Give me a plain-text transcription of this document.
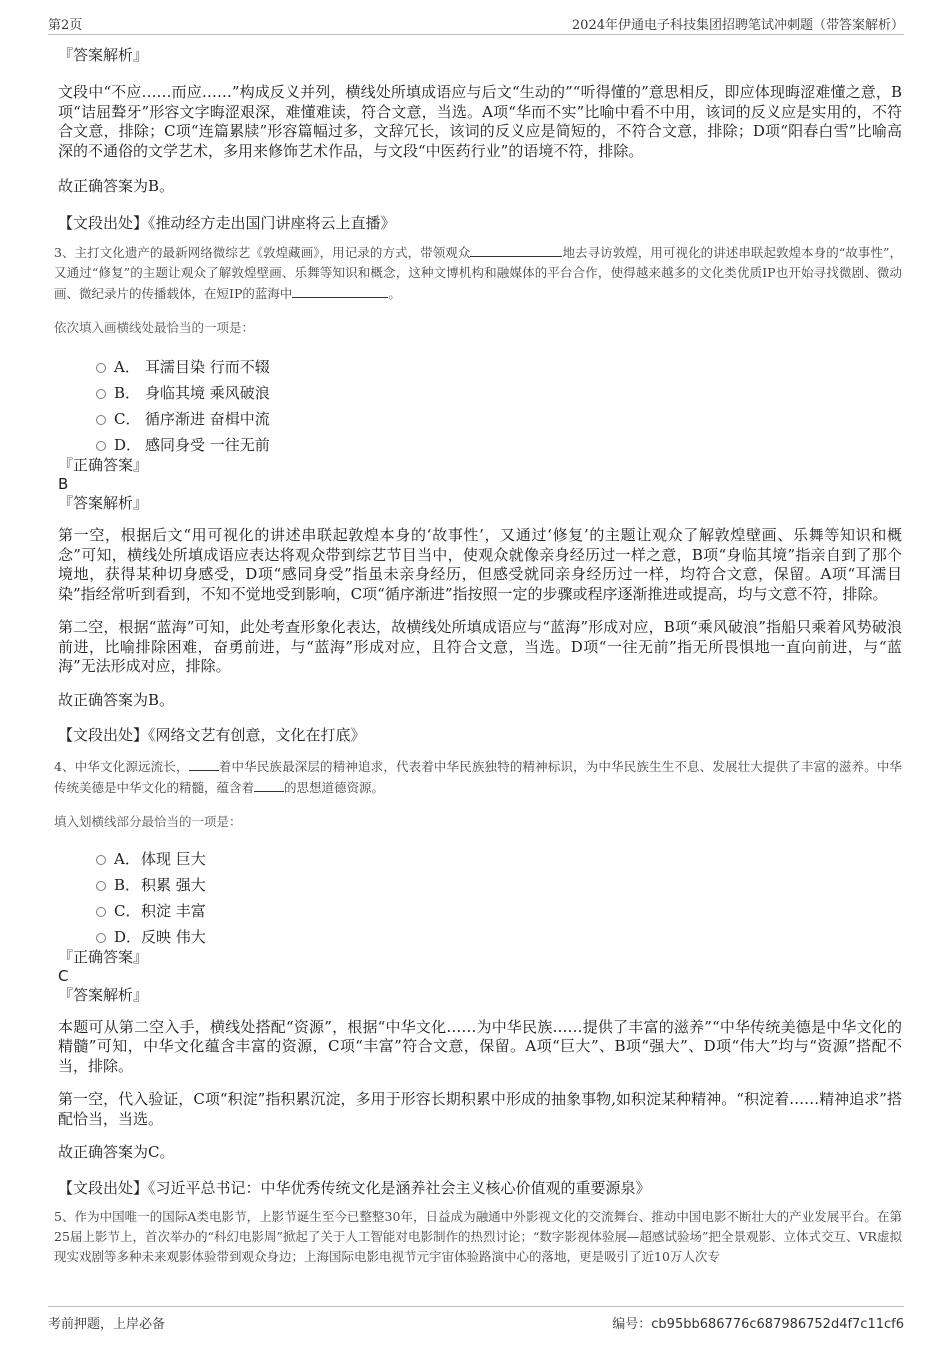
第2页	2024年伊通电子科技集团招聘笔试冲刺题（带答案解析）

『答案解析』

文段中“不应……而应……”构成反义并列，横线处所填成语应与后文“生动的”“听得懂的”意思相反，即应体现晦涩难懂之意，B项“诘屈聱牙”形容文字晦涩艰深，难懂难读，符合文意，当选。A项“华而不实”比喻中看不中用，该词的反义应是实用的，不符合文意，排除；C项“连篇累牍”形容篇幅过多，文辞冗长，该词的反义应是简短的，不符合文意，排除；D项“阳春白雪”比喻高深的不通俗的文学艺术，多用来修饰艺术作品，与文段“中医药行业”的语境不符，排除。

故正确答案为B。

【文段出处】《推动经方走出国门讲座将云上直播》

3、主打文化遗产的最新网络微综艺《敦煌藏画》，用记录的方式，带领观众	地去寻访敦煌，用可视化的讲述串联起敦煌本身的“故事性”，又通过“修复”的主题让观众了解敦煌壁画、乐舞等知识和概念，这种文博机构和融媒体的平台合作，使得越来越多的文化类优质IP也开始寻找微剧、微动画、微纪录片的传播载体，在短IP的蓝海中	。

依次填入画横线处最恰当的一项是：

A． 耳濡目染 行而不辍
B． 身临其境 乘风破浪
C． 循序渐进 奋楫中流
D． 感同身受 一往无前

『正确答案』

B

『答案解析』

第一空，根据后文“用可视化的讲述串联起敦煌本身的‘故事性’，又通过‘修复’的主题让观众了解敦煌壁画、乐舞等知识和概念”可知，横线处所填成语应表达将观众带到综艺节目当中，使观众就像亲身经历过一样之意，B项“身临其境”指亲自到了那个境地，获得某种切身感受，D项“感同身受”指虽未亲身经历，但感受就同亲身经历过一样，均符合文意，保留。A项“耳濡目染”指经常听到看到，不知不觉地受到影响，C项“循序渐进”指按照一定的步骤或程序逐渐推进或提高，均与文意不符，排除。

第二空，根据“蓝海”可知，此处考查形象化表达，故横线处所填成语应与“蓝海”形成对应，B项“乘风破浪”指船只乘着风势破浪前进，比喻排除困难，奋勇前进，与“蓝海”形成对应，且符合文意，当选。D项“一往无前”指无所畏惧地一直向前进，与“蓝海”无法形成对应，排除。

故正确答案为B。

【文段出处】《网络文艺有创意，文化在打底》

4、中华文化源远流长， 着中华民族最深层的精神追求，代表着中华民族独特的精神标识，为中华民族生生不息、发展壮大提供了丰富的滋养。中华传统美德是中华文化的精髓，蕴含着 的思想道德资源。

填入划横线部分最恰当的一项是：

A． 体现 巨大
B． 积累 强大
C． 积淀 丰富
D． 反映 伟大

『正确答案』

C

『答案解析』

本题可从第二空入手，横线处搭配“资源”，根据“中华文化……为中华民族……提供了丰富的滋养”“中华传统美德是中华文化的精髓”可知，中华文化蕴含丰富的资源，C项“丰富”符合文意，保留。A项“巨大”、B项“强大”、D项“伟大”均与“资源”搭配不当，排除。

第一空，代入验证，C项“积淀”指积累沉淀，多用于形容长期积累中形成的抽象事物,如积淀某种精神。“积淀着……精神追求”搭配恰当，当选。

故正确答案为C。

【文段出处】《习近平总书记：中华优秀传统文化是涵养社会主义核心价值观的重要源泉》

5、作为中国唯一的国际A类电影节，上影节诞生至今已整整30年，日益成为融通中外影视文化的交流舞台、推动中国电影不断壮大的产业发展平台。在第25届上影节上，首次举办的“科幻电影周”掀起了关于人工智能对电影制作的热烈讨论；“数字影视体验展—超感试验场”把全景观影、立体式交互、VR虚拟现实戏剧等多种未来观影体验带到观众身边；上海国际电影电视节元宇宙体验路演中心的落地，更是吸引了近10万人次专

考前押题，上岸必备	编号：cb95bb686776c687986752d4f7c11cf6
